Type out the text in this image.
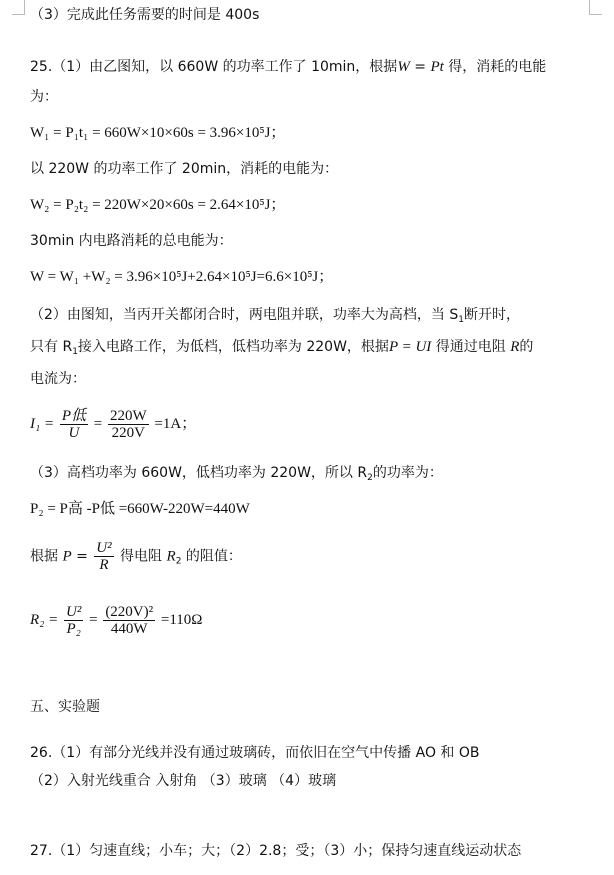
（3）完成此任务需要的时间是 400s
25.（1）由乙图知，以 660W 的功率工作了 10min，根据W = Pt 得，消耗的电能
为：
W₁ = P₁t₁ = 660W×10×60s = 3.96×10⁵J；
以 220W 的功率工作了 20min，消耗的电能为：
W₂ = P₂t₂ = 220W×20×60s = 2.64×10⁵J；
30min 内电路消耗的总电能为：
W = W₁ +W₂ = 3.96×10⁵J+2.64×10⁵J=6.6×10⁵J；
（2）由图知，当丙开关都闭合时，两电阻并联，功率大为高档，当 $S_1$断开时，
只有 $R_1$接入电路工作，为低档，低档功率为 220W，根据P = UI 得通过电阻 R的
电流为：
$I_1 = \frac{\text{P低}}{U} = \frac{220W}{220V} =1A$；
（3）高档功率为 660W，低档功率为 220W，所以 $R_2$的功率为：
P₂ = P高 -P低 =660W-220W=440W
根据 $P = \frac{\text{U²}}{R}$ 得电阻 $R_2$ 的阻值：
$R_2 = \frac{\text{U²}}{\text{P₂}} = \frac{\text{(220V)²}}{440W} =110\Omega$
五、实验题
26.（1）有部分光线并没有通过玻璃砖，而依旧在空气中传播 AO 和 OB
（2）入射光线重合 入射角 （3）玻璃 （4）玻璃
27.（1）匀速直线；小车；大；（2）2.8；受；（3）小；保持匀速直线运动状态
